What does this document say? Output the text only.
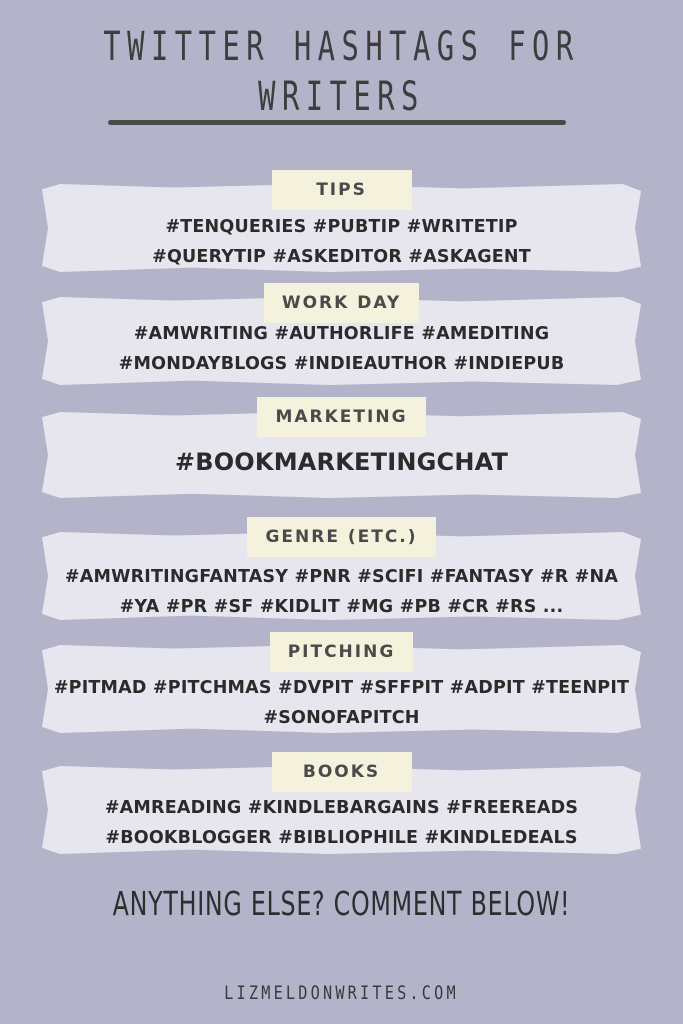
TWITTER HASHTAGS FOR
WRITERS
TIPS
#TENQUERIES #PUBTIP #WRITETIP
#QUERYTIP #ASKEDITOR #ASKAGENT
WORK DAY
#AMWRITING #AUTHORLIFE #AMEDITING
#MONDAYBLOGS #INDIEAUTHOR #INDIEPUB
MARKETING
#BOOKMARKETINGCHAT
GENRE (ETC.)
#AMWRITINGFANTASY #PNR #SCIFI #FANTASY #R #NA
#YA #PR #SF #KIDLIT #MG #PB #CR #RS ...
PITCHING
#PITMAD #PITCHMAS #DVPIT #SFFPIT #ADPIT #TEENPIT
#SONOFAPITCH
BOOKS
#AMREADING #KINDLEBARGAINS #FREEREADS
#BOOKBLOGGER #BIBLIOPHILE #KINDLEDEALS
ANYTHING ELSE? COMMENT BELOW!
LIZMELDONWRITES.COM
